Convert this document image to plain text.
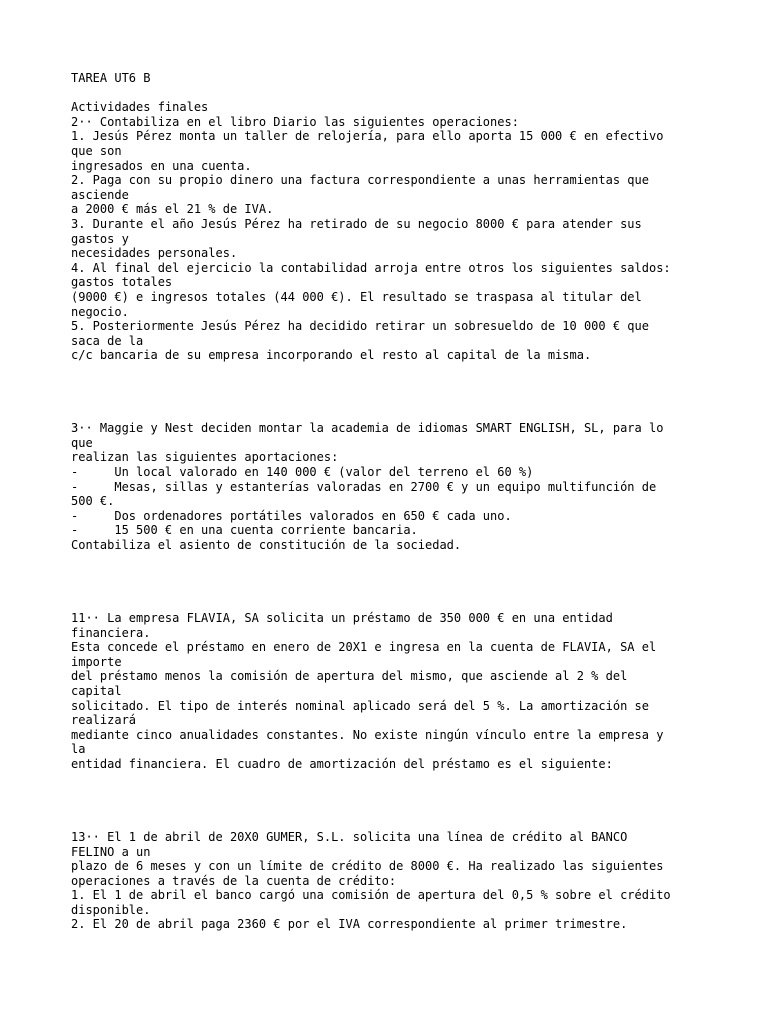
TAREA UT6 B
Actividades finales
2·· Contabiliza en el libro Diario las siguientes operaciones:
1. Jesús Pérez monta un taller de relojería, para ello aporta 15 000 € en efectivo
que son
ingresados en una cuenta.
2. Paga con su propio dinero una factura correspondiente a unas herramientas que
asciende
a 2000 € más el 21 % de IVA.
3. Durante el año Jesús Pérez ha retirado de su negocio 8000 € para atender sus
gastos y
necesidades personales.
4. Al final del ejercicio la contabilidad arroja entre otros los siguientes saldos:
gastos totales
(9000 €) e ingresos totales (44 000 €). El resultado se traspasa al titular del
negocio.
5. Posteriormente Jesús Pérez ha decidido retirar un sobresueldo de 10 000 € que
saca de la
c/c bancaria de su empresa incorporando el resto al capital de la misma.
3·· Maggie y Nest deciden montar la academia de idiomas SMART ENGLISH, SL, para lo
que
realizan las siguientes aportaciones:
-     Un local valorado en 140 000 € (valor del terreno el 60 %)
-     Mesas, sillas y estanterías valoradas en 2700 € y un equipo multifunción de
500 €.
-     Dos ordenadores portátiles valorados en 650 € cada uno.
-     15 500 € en una cuenta corriente bancaria.
Contabiliza el asiento de constitución de la sociedad.
11·· La empresa FLAVIA, SA solicita un préstamo de 350 000 € en una entidad
financiera.
Esta concede el préstamo en enero de 20X1 e ingresa en la cuenta de FLAVIA, SA el
importe
del préstamo menos la comisión de apertura del mismo, que asciende al 2 % del
capital
solicitado. El tipo de interés nominal aplicado será del 5 %. La amortización se
realizará
mediante cinco anualidades constantes. No existe ningún vínculo entre la empresa y
la
entidad financiera. El cuadro de amortización del préstamo es el siguiente:
13·· El 1 de abril de 20X0 GUMER, S.L. solicita una línea de crédito al BANCO
FELINO a un
plazo de 6 meses y con un límite de crédito de 8000 €. Ha realizado las siguientes
operaciones a través de la cuenta de crédito:
1. El 1 de abril el banco cargó una comisión de apertura del 0,5 % sobre el crédito
disponible.
2. El 20 de abril paga 2360 € por el IVA correspondiente al primer trimestre.
